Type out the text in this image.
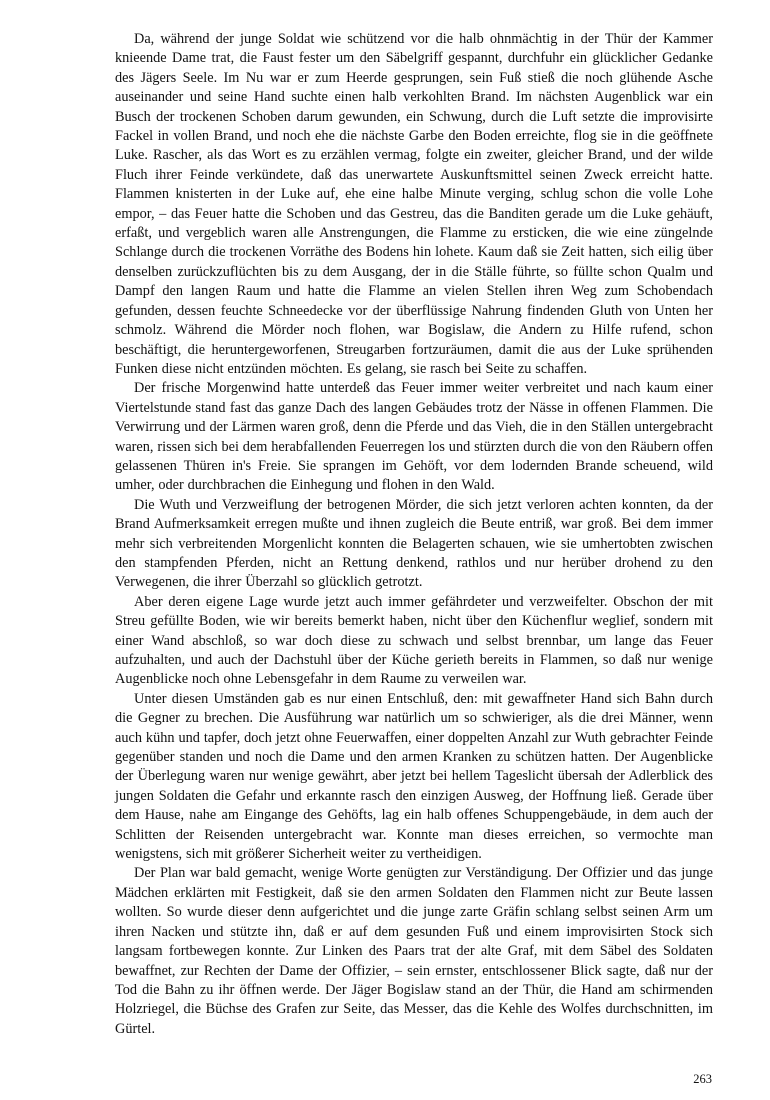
Da, während der junge Soldat wie schützend vor die halb ohnmächtig in der Thür der Kammer knieende Dame trat, die Faust fester um den Säbelgriff gespannt, durchfuhr ein glücklicher Gedanke des Jägers Seele. Im Nu war er zum Heerde gesprungen, sein Fuß stieß die noch glühende Asche auseinander und seine Hand suchte einen halb verkohlten Brand. Im nächsten Augenblick war ein Busch der trockenen Schoben darum gewunden, ein Schwung, durch die Luft setzte die improvisirte Fackel in vollen Brand, und noch ehe die nächste Garbe den Boden erreichte, flog sie in die geöffnete Luke. Rascher, als das Wort es zu erzählen vermag, folgte ein zweiter, gleicher Brand, und der wilde Fluch ihrer Feinde verkündete, daß das unerwartete Auskunftsmittel seinen Zweck erreicht hatte. Flammen knisterten in der Luke auf, ehe eine halbe Minute verging, schlug schon die volle Lohe empor, – das Feuer hatte die Schoben und das Gestreu, das die Banditen gerade um die Luke gehäuft, erfaßt, und vergeblich waren alle Anstrengungen, die Flamme zu ersticken, die wie eine züngelnde Schlange durch die trockenen Vorräthe des Bodens hin lohete. Kaum daß sie Zeit hatten, sich eilig über denselben zurückzuflüchten bis zu dem Ausgang, der in die Ställe führte, so füllte schon Qualm und Dampf den langen Raum und hatte die Flamme an vielen Stellen ihren Weg zum Schobendach gefunden, dessen feuchte Schneedecke vor der überflüssige Nahrung findenden Gluth von Unten her schmolz. Während die Mörder noch flohen, war Bogislaw, die Andern zu Hilfe rufend, schon beschäftigt, die heruntergeworfenen, Streugarben fortzuräumen, damit die aus der Luke sprühenden Funken diese nicht entzünden möchten. Es gelang, sie rasch bei Seite zu schaffen.

Der frische Morgenwind hatte unterdeß das Feuer immer weiter verbreitet und nach kaum einer Viertelstunde stand fast das ganze Dach des langen Gebäudes trotz der Nässe in offenen Flammen. Die Verwirrung und der Lärmen waren groß, denn die Pferde und das Vieh, die in den Ställen untergebracht waren, rissen sich bei dem herabfallenden Feuerregen los und stürzten durch die von den Räubern offen gelassenen Thüren in's Freie. Sie sprangen im Gehöft, vor dem lodernden Brande scheuend, wild umher, oder durchbrachen die Einhegung und flohen in den Wald.

Die Wuth und Verzweiflung der betrogenen Mörder, die sich jetzt verloren achten konnten, da der Brand Aufmerksamkeit erregen mußte und ihnen zugleich die Beute entriß, war groß. Bei dem immer mehr sich verbreitenden Morgenlicht konnten die Belagerten schauen, wie sie umhertobten zwischen den stampfenden Pferden, nicht an Rettung denkend, rathlos und nur herüber drohend zu den Verwegenen, die ihrer Überzahl so glücklich getrotzt.

Aber deren eigene Lage wurde jetzt auch immer gefährdeter und verzweifelter. Obschon der mit Streu gefüllte Boden, wie wir bereits bemerkt haben, nicht über den Küchenflur weglief, sondern mit einer Wand abschloß, so war doch diese zu schwach und selbst brennbar, um lange das Feuer aufzuhalten, und auch der Dachstuhl über der Küche gerieth bereits in Flammen, so daß nur wenige Augenblicke noch ohne Lebensgefahr in dem Raume zu verweilen war.

Unter diesen Umständen gab es nur einen Entschluß, den: mit gewaffneter Hand sich Bahn durch die Gegner zu brechen. Die Ausführung war natürlich um so schwieriger, als die drei Männer, wenn auch kühn und tapfer, doch jetzt ohne Feuerwaffen, einer doppelten Anzahl zur Wuth gebrachter Feinde gegenüber standen und noch die Dame und den armen Kranken zu schützen hatten. Der Augenblicke der Überlegung waren nur wenige gewährt, aber jetzt bei hellem Tageslicht übersah der Adlerblick des jungen Soldaten die Gefahr und erkannte rasch den einzigen Ausweg, der Hoffnung ließ. Gerade über dem Hause, nahe am Eingange des Gehöfts, lag ein halb offenes Schuppengebäude, in dem auch der Schlitten der Reisenden untergebracht war. Konnte man dieses erreichen, so vermochte man wenigstens, sich mit größerer Sicherheit weiter zu vertheidigen.

Der Plan war bald gemacht, wenige Worte genügten zur Verständigung. Der Offizier und das junge Mädchen erklärten mit Festigkeit, daß sie den armen Soldaten den Flammen nicht zur Beute lassen wollten. So wurde dieser denn aufgerichtet und die junge zarte Gräfin schlang selbst seinen Arm um ihren Nacken und stützte ihn, daß er auf dem gesunden Fuß und einem improvisirten Stock sich langsam fortbewegen konnte. Zur Linken des Paars trat der alte Graf, mit dem Säbel des Soldaten bewaffnet, zur Rechten der Dame der Offizier, – sein ernster, entschlossener Blick sagte, daß nur der Tod die Bahn zu ihr öffnen werde. Der Jäger Bogislaw stand an der Thür, die Hand am schirmenden Holzriegel, die Büchse des Grafen zur Seite, das Messer, das die Kehle des Wolfes durchschnitten, im Gürtel.

263
